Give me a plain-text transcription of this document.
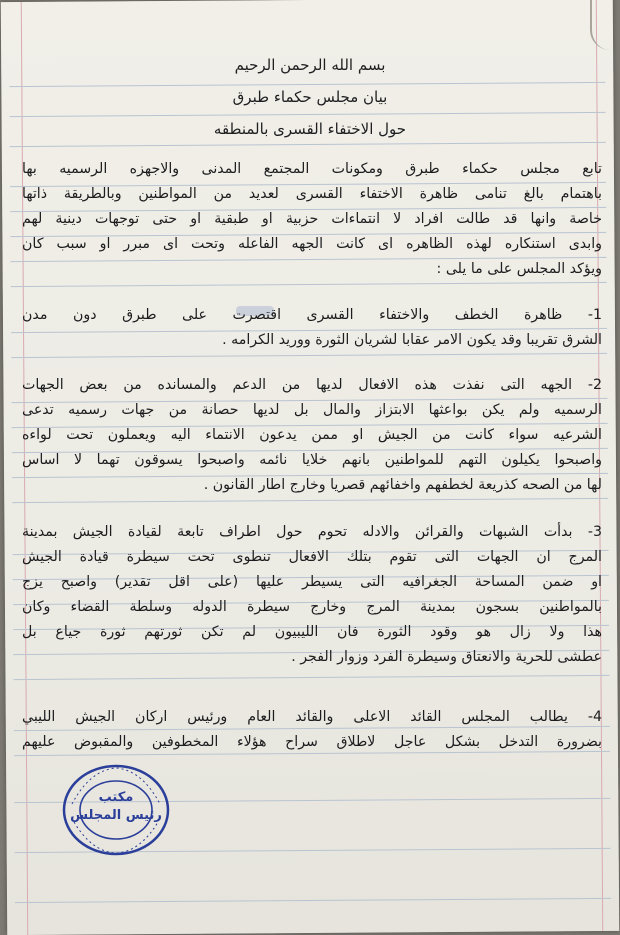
بسم الله الرحمن الرحيم
بيان مجلس حكماء طبرق
حول الاختفاء القسرى بالمنطقه
تابع مجلس حكماء طبرق ومكونات المجتمع المدنى والاجهزه الرسميه بها
باهتمام بالغ تنامى ظاهرة الاختفاء القسرى لعديد من المواطنين وبالطريقة ذاتها
خاصة وانها قد طالت افراد لا انتماءات حزبية او طبقية او حتى توجهات دينية لهم
وابدى استنكاره لهذه الظاهره اى كانت الجهه الفاعله وتحت اى مبرر او سبب كان
ويؤكد المجلس على ما يلى :
1- ظاهرة الخطف والاختفاء القسرى اقتصرت على طبرق دون مدن
الشرق تقريبا وقد يكون الامر عقابا لشريان الثورة ووريد الكرامه .
2- الجهه التى نفذت هذه الافعال لديها من الدعم والمسانده من بعض الجهات
الرسميه ولم يكن بواعثها الابتزاز والمال بل لديها حصانة من جهات رسميه تدعى
الشرعيه سواء كانت من الجيش او ممن يدعون الانتماء اليه ويعملون تحت لواءه
واصبحوا يكيلون التهم للمواطنين بانهم خلايا نائمه واصبحوا يسوقون تهما لا اساس
لها من الصحه كذريعة لخطفهم واخفائهم قصريا وخارج اطار القانون .
3- بدأت الشبهات والقرائن والادله تحوم حول اطراف تابعة لقيادة الجيش بمدينة
المرج ان الجهات التى تقوم بتلك الافعال تنطوى تحت سيطرة قيادة الجيش
او ضمن المساحة الجغرافيه التى يسيطر عليها (على اقل تقدير) واصبح يزج
بالمواطنين بسجون بمدينة المرج وخارج سيطرة الدوله وسلطة القضاء وكان
هذا ولا زال هو وقود الثورة فان الليبيون لم تكن ثورتهم ثورة جياع بل
عطشى للحرية والانعتاق وسيطرة الفرد وزوار الفجر .
4- يطالب المجلس القائد الاعلى والقائد العام ورئيس اركان الجيش الليبي
بضرورة التدخل بشكل عاجل لاطلاق سراح هؤلاء المخطوفين والمقبوض عليهم
مكتب
رئيس المجلس
